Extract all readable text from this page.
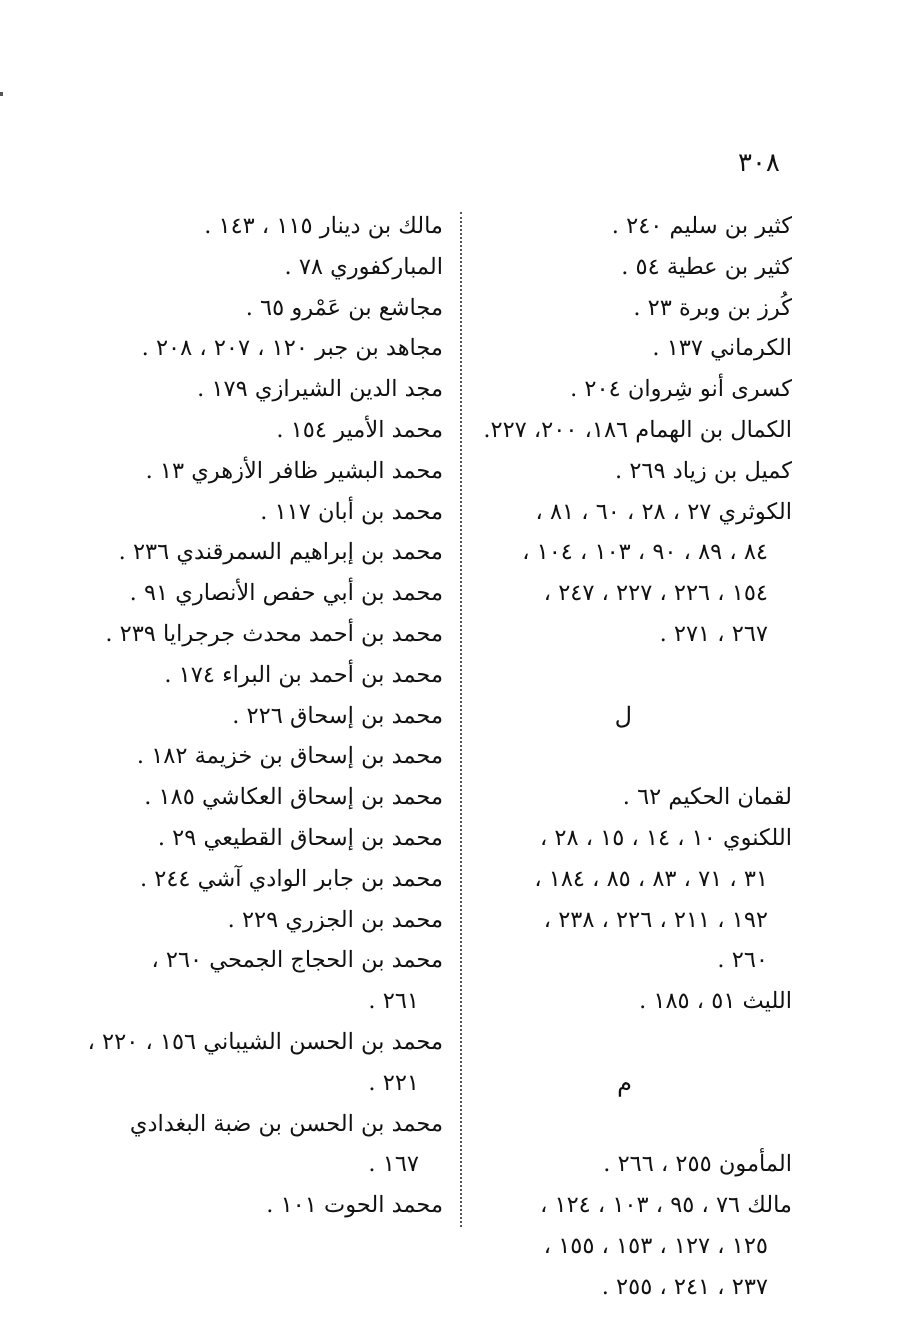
٣٠٨
كثير بن سليم ٢٤٠ .
كثير بن عطية ٥٤ .
كُرز بن وبرة ٢٣ .
الكرماني ١٣٧ .
كسرى أنو شِروان ٢٠٤ .
الكمال بن الهمام ١٨٦، ٢٠٠، ٢٢٧.
كميل بن زياد ٢٦٩ .
الكوثري ٢٧ ، ٢٨ ، ٦٠ ، ٨١ ،
٨٤ ، ٨٩ ، ٩٠ ، ١٠٣ ، ١٠٤ ،
١٥٤ ، ٢٢٦ ، ٢٢٧ ، ٢٤٧ ،
٢٦٧ ، ٢٧١ .
ل
لقمان الحكيم ٦٢ .
اللكنوي ١٠ ، ١٤ ، ١٥ ، ٢٨ ،
٣١ ، ٧١ ، ٨٣ ، ٨٥ ، ١٨٤ ،
١٩٢ ، ٢١١ ، ٢٢٦ ، ٢٣٨ ،
٢٦٠ .
الليث ٥١ ، ١٨٥ .
م
المأمون ٢٥٥ ، ٢٦٦ .
مالك ٧٦ ، ٩٥ ، ١٠٣ ، ١٢٤ ،
١٢٥ ، ١٢٧ ، ١٥٣ ، ١٥٥ ،
٢٣٧ ، ٢٤١ ، ٢٥٥ .
مالك بن دينار ١١٥ ، ١٤٣ .
المباركفوري ٧٨ .
مجاشع بن عَمْرو ٦٥ .
مجاهد بن جبر ١٢٠ ، ٢٠٧ ، ٢٠٨ .
مجد الدين الشيرازي ١٧٩ .
محمد الأمير ١٥٤ .
محمد البشير ظافر الأزهري ١٣ .
محمد بن أبان ١١٧ .
محمد بن إبراهيم السمرقندي ٢٣٦ .
محمد بن أبي حفص الأنصاري ٩١ .
محمد بن أحمد محدث جرجرايا ٢٣٩ .
محمد بن أحمد بن البراء ١٧٤ .
محمد بن إسحاق ٢٢٦ .
محمد بن إسحاق بن خزيمة ١٨٢ .
محمد بن إسحاق العكاشي ١٨٥ .
محمد بن إسحاق القطيعي ٢٩ .
محمد بن جابر الوادي آشي ٢٤٤ .
محمد بن الجزري ٢٢٩ .
محمد بن الحجاج الجمحي ٢٦٠ ،
٢٦١ .
محمد بن الحسن الشيباني ١٥٦ ، ٢٢٠ ،
٢٢١ .
محمد بن الحسن بن ضبة البغدادي
١٦٧ .
محمد الحوت ١٠١ .
